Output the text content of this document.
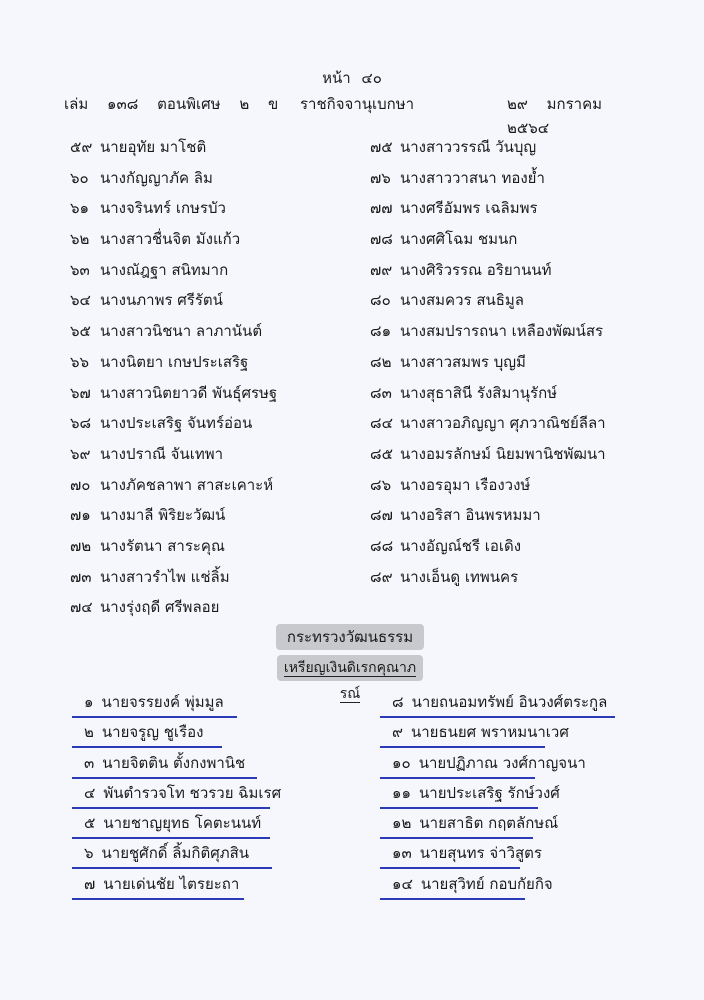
หน้า ๔๐
เล่ม ๑๓๘ ตอนพิเศษ ๒ ข	ราชกิจจานุเบกษา	๒๙ มกราคม ๒๕๖๔
๕๙ นายอุทัย มาโชติ
๖๐ นางกัญญาภัค ลิม
๖๑ นางจรินทร์ เกษรบัว
๖๒ นางสาวชื่นจิต มังแก้ว
๖๓ นางณัฎฐา สนิทมาก
๖๔ นางนภาพร ศรีรัตน์
๖๕ นางสาวนิชนา ลาภานันต์
๖๖ นางนิตยา เกษประเสริฐ
๖๗ นางสาวนิตยาวดี พันธุ์ศรษฐ
๖๘ นางประเสริฐ จันทร์อ่อน
๖๙ นางปราณี จันเทพา
๗๐ นางภัคชลาพา สาสะเคาะห์
๗๑ นางมาลี พิริยะวัฒน์
๗๒ นางรัตนา สาระคุณ
๗๓ นางสาวรำไพ แช่ลิ้ม
๗๔ นางรุ่งฤดี ศรีพลอย
๗๕ นางสาววรรณี วันบุญ
๗๖ นางสาววาสนา ทองย้ำ
๗๗ นางศรีอัมพร เฉลิมพร
๗๘ นางศศิโฉม ชมนก
๗๙ นางศิริวรรณ อริยานนท์
๘๐ นางสมควร สนธิมูล
๘๑ นางสมปรารถนา เหลืองพัฒน์สร
๘๒ นางสาวสมพร บุญมี
๘๓ นางสุธาสินี รังสิมานุรักษ์
๘๔ นางสาวอภิญญา ศุภวาณิชย์ลีลา
๘๕ นางอมรลักษม์ นิยมพานิชพัฒนา
๘๖ นางอรอุมา เรืองวงษ์
๘๗ นางอริสา อินพรหมมา
๘๘ นางอัญณ์ชรี เอเดิง
๘๙ นางเอ็นดู เทพนคร
กระทรวงวัฒนธรรม
เหรียญเงินดิเรกคุณาภรณ์
๑ นายจรรยงค์ พุ่มมูล
๒ นายจรูญ ชูเรือง
๓ นายจิตติน ตั้งกงพานิช
๔ พันตำรวจโท ชวรวย ฉิมเรศ
๕ นายชาญยุทธ โคตะนนท์
๖ นายชูศักดิ์ ลิ้มกิติศุภสิน
๗ นายเด่นชัย ไตรยะถา
๘ นายถนอมทรัพย์ อินวงศ์ตระกูล
๙ นายธนยศ พราหมนาเวศ
๑๐ นายปฏิภาณ วงศ์กาญจนา
๑๑ นายประเสริฐ รักษ์วงศ์
๑๒ นายสาธิต กฤตลักษณ์
๑๓ นายสุนทร จ่าวิสูตร
๑๔ นายสุวิทย์ กอบกัยกิจ
